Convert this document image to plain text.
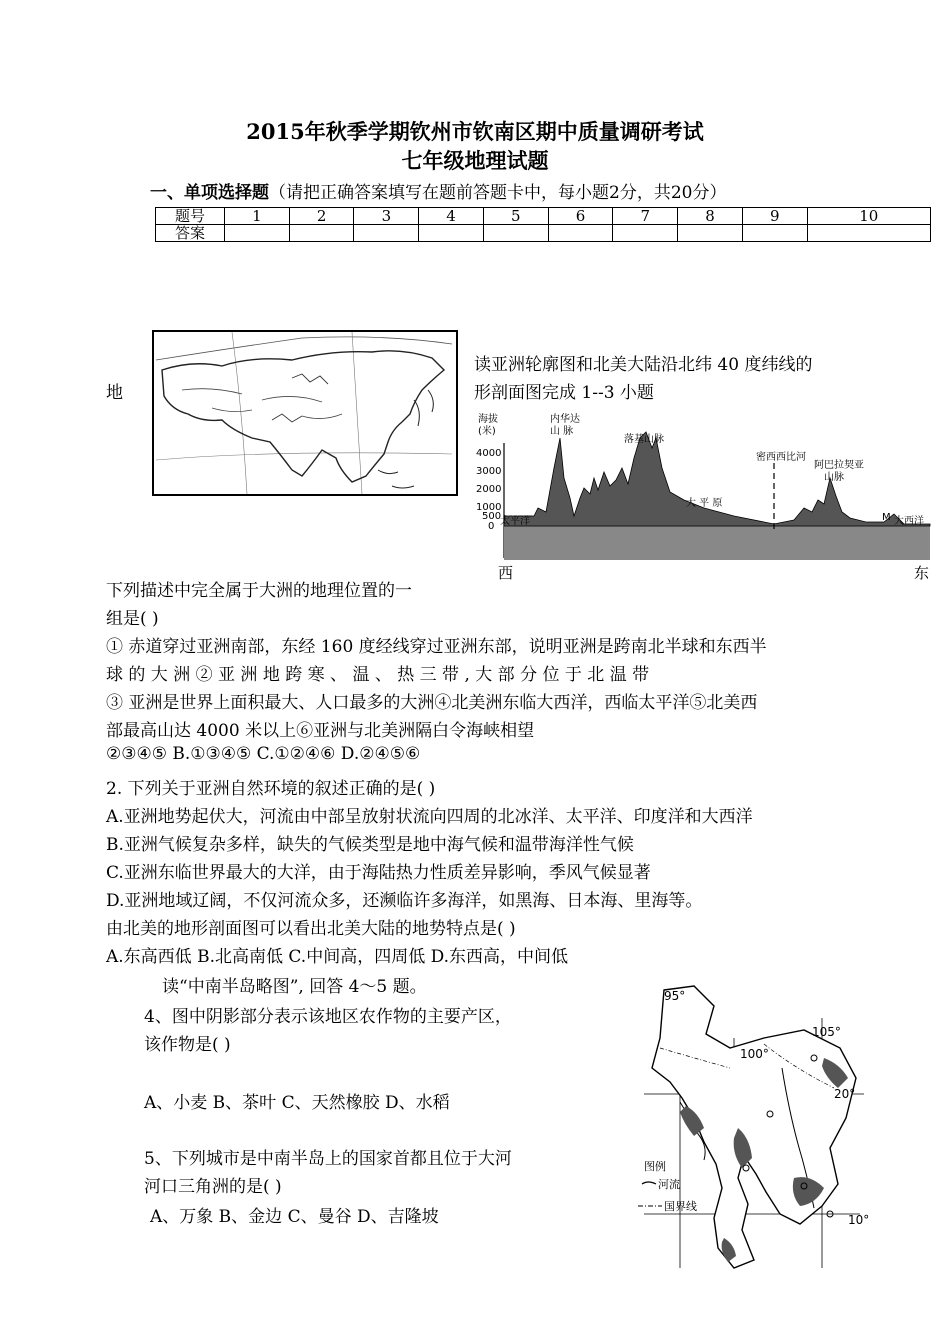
2015年秋季学期钦州市钦南区期中质量调研考试
七年级地理试题
一、单项选择题（请把正确答案填写在题前答题卡中，每小题2分，共20分）
题号	1	2	3	4	5	6	7	8	9	10
答案										
地
读亚洲轮廓图和北美大陆沿北纬 40 度纬线的
形剖面图完成 1--3 小题
海拔
(米)
4000
3000
2000
1000
500
0
内华达
山 脉
落基山脉
大 平 原
密西西比河
阿巴拉契亚
山脉
太平洋	大西洋
M
西	东
下列描述中完全属于大洲的地理位置的一
组是( )
① 赤道穿过亚洲南部，东经 160 度经线穿过亚洲东部，说明亚洲是跨南北半球和东西半
球 的 大 洲 ② 亚 洲 地 跨 寒 、 温 、 热 三 带 , 大 部 分 位 于 北 温 带
③ 亚洲是世界上面积最大、人口最多的大洲④北美洲东临大西洋，西临太平洋⑤北美西
部最高山达 4000 米以上⑥亚洲与北美洲隔白令海峡相望
②③④⑤ B.①③④⑤ C.①②④⑥ D.②④⑤⑥
2. 下列关于亚洲自然环境的叙述正确的是( )
A.亚洲地势起伏大，河流由中部呈放射状流向四周的北冰洋、太平洋、印度洋和大西洋
B.亚洲气候复杂多样，缺失的气候类型是地中海气候和温带海洋性气候
C.亚洲东临世界最大的大洋，由于海陆热力性质差异影响，季风气候显著
D.亚洲地域辽阔，不仅河流众多，还濒临许多海洋，如黑海、日本海、里海等。
由北美的地形剖面图可以看出北美大陆的地势特点是( )
A.东高西低 B.北高南低 C.中间高，四周低 D.东西高，中间低
读“中南半岛略图”, 回答 4～5 题。
4、图中阴影部分表示该地区农作物的主要产区，
该作物是( )
A、小麦 B、茶叶 C、天然橡胶 D、水稻
5、下列城市是中南半岛上的国家首都且位于大河
河口三角洲的是( )
A、万象 B、金边 C、曼谷 D、吉隆坡
95°
105°
100°
20°
10°
图例
河流
国界线
